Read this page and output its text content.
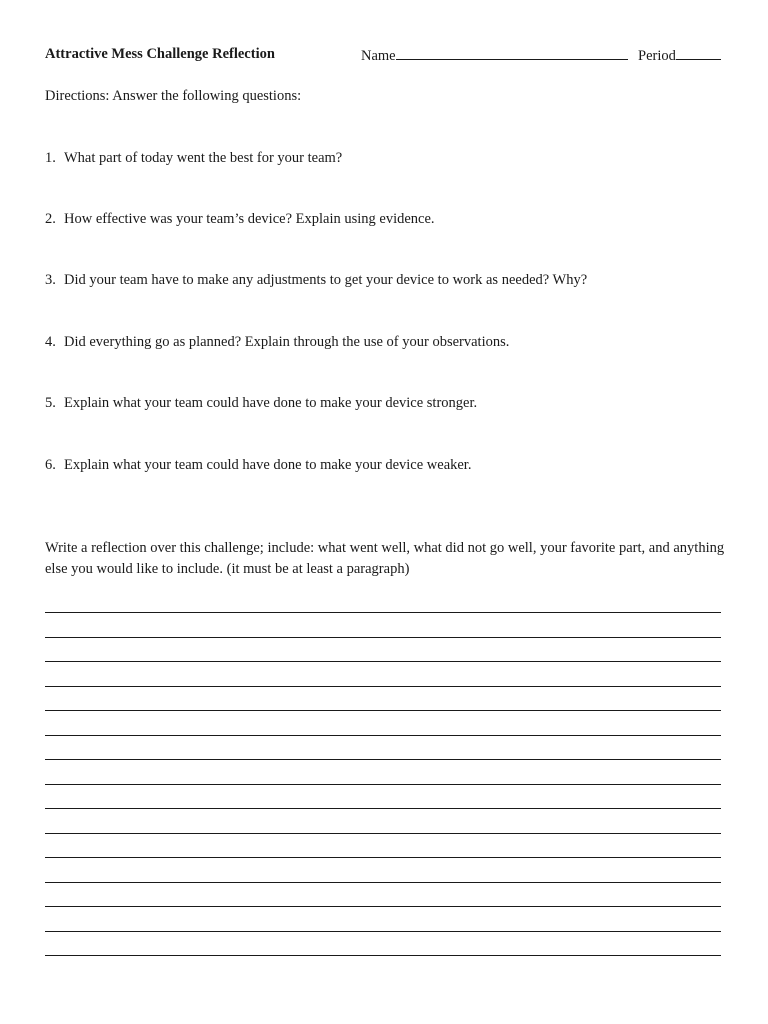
Attractive Mess Challenge Reflection	Name	Period
Directions: Answer the following questions:
1. What part of today went the best for your team?
2. How effective was your team’s device? Explain using evidence.
3. Did your team have to make any adjustments to get your device to work as needed? Why?
4. Did everything go as planned? Explain through the use of your observations.
5. Explain what your team could have done to make your device stronger.
6. Explain what your team could have done to make your device weaker.
Write a reflection over this challenge; include: what went well, what did not go well, your favorite part, and anything else you would like to include. (it must be at least a paragraph)
